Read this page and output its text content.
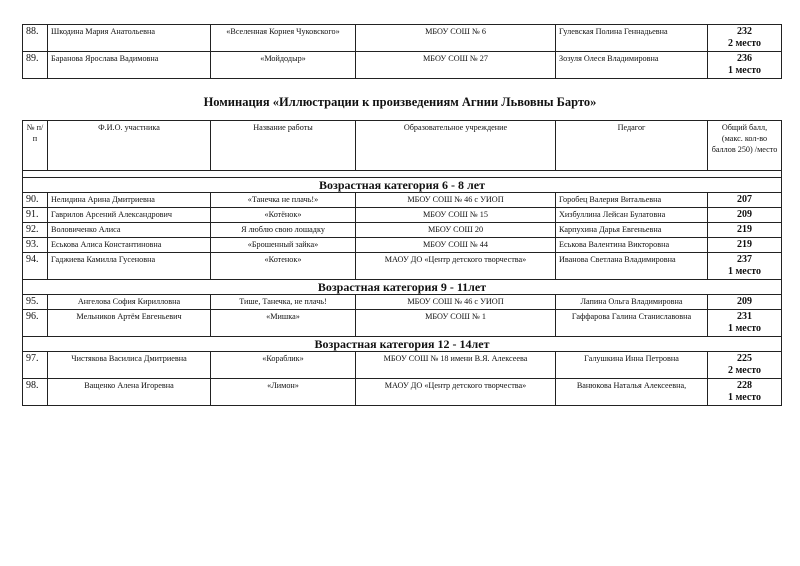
88.	Шкодина Мария Анатольевна	«Вселенная Корнея Чуковского»	МБОУ СОШ № 6	Гулевская Полина Геннадьевна	232
2 место

89.	Баранова Ярослава Вадимовна	«Мойдодыр»	МБОУ СОШ № 27	Зозуля Олеся Владимировна	236
1 место
Номинация «Иллюстрации к произведениям Агнии Львовны Барто»
№ п/п	Ф.И.О. участника	Название работы	Образовательное учреждение	Педагог	Общий балл, (макс. кол-во баллов 250) /место

Возрастная категория 6 - 8 лет					
90.	Нелидина Арина Дмитриевна	«Танечка не плачь!»	МБОУ СОШ № 46 с УИОП	Горобец Валерия Витальевна	207
91.	Гаврилов Арсений Александрович	«Котёнок»	МБОУ СОШ № 15	Хизбуллина Лейсан Булатовна	209
92.	Воловиченко Алиса	Я люблю свою лошадку	МБОУ СОШ 20	Карпухина Дарья Евгеньевна	219
93.	Еськова Алиса Константиновна	«Брошенный зайка»	МБОУ СОШ № 44	Еськова Валентина Викторовна	219
94.	Гаджиева Камилла Гусеновна	«Котенок»	МАОУ ДО «Центр детского творчества»	Иванова Светлана Владимировна	237
1 место

Возрастная категория 9 - 11лет					
95.	Ангелова София Кирилловна	Тише, Танечка, не плачь!	МБОУ СОШ № 46 с УИОП	Лапина Ольга Владимировна	209
96.	Мельников Артём Евгеньевич	«Мишка»	МБОУ СОШ № 1	Гаффарова Галина Станиславовна	231
1 место

Возрастная категория 12 - 14лет					
97.	Чистякова Василиса Дмитриевна	«Кораблик»	МБОУ СОШ № 18 имени В.Я. Алексеева	Галушкина Инна Петровна	225
2 место

98.	Ващенко Алена Игоревна	«Лимон»	МАОУ ДО «Центр детского творчества»	Ванюкова Наталья Алексеевна,	228
1 место
